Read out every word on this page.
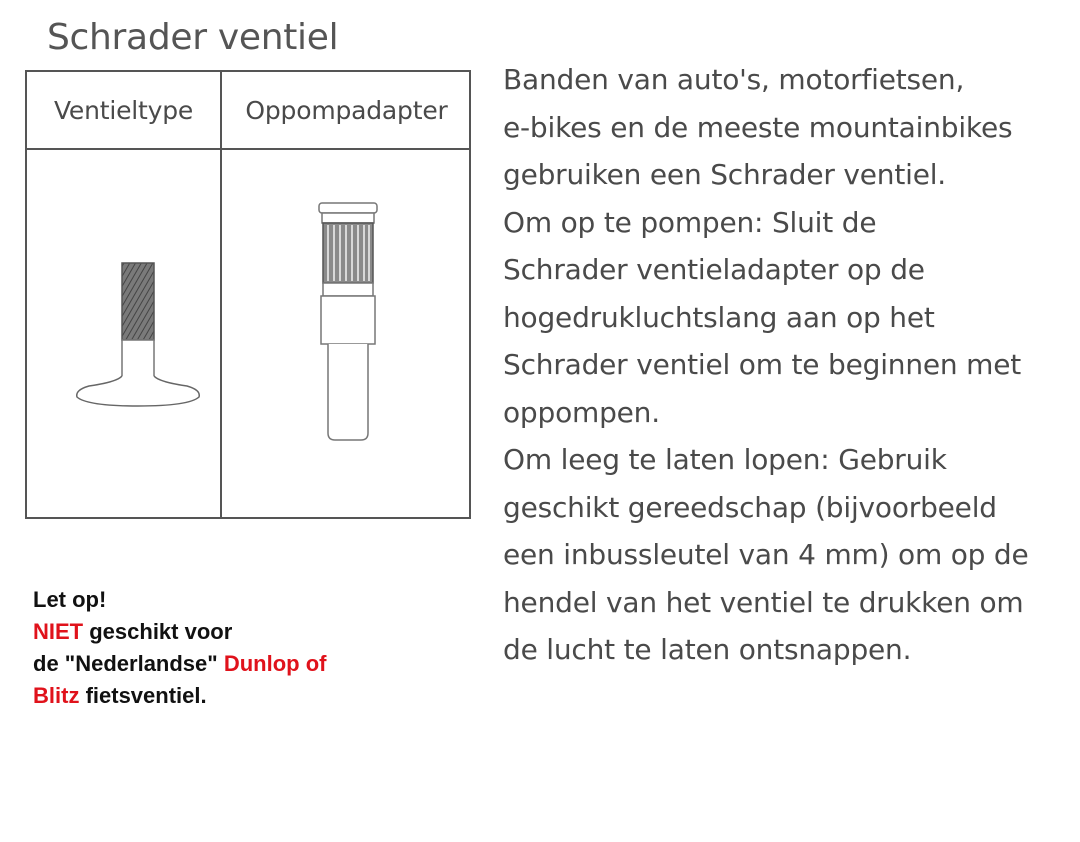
Schrader ventiel
Ventieltype	Oppompadapter

Banden van auto's, motorfietsen,
e-bikes en de meeste mountainbikes
gebruiken een Schrader ventiel.

Om op te pompen: Sluit de
Schrader ventieladapter op de
hogedrukluchtslang aan op het
Schrader ventiel om te beginnen met
oppompen.

Om leeg te laten lopen: Gebruik
geschikt gereedschap (bijvoorbeeld
een inbussleutel van 4 mm) om op de
hendel van het ventiel te drukken om
de lucht te laten ontsnappen.

Let op!
NIET geschikt voor
de "Nederlandse" Dunlop of
Blitz fietsventiel.
